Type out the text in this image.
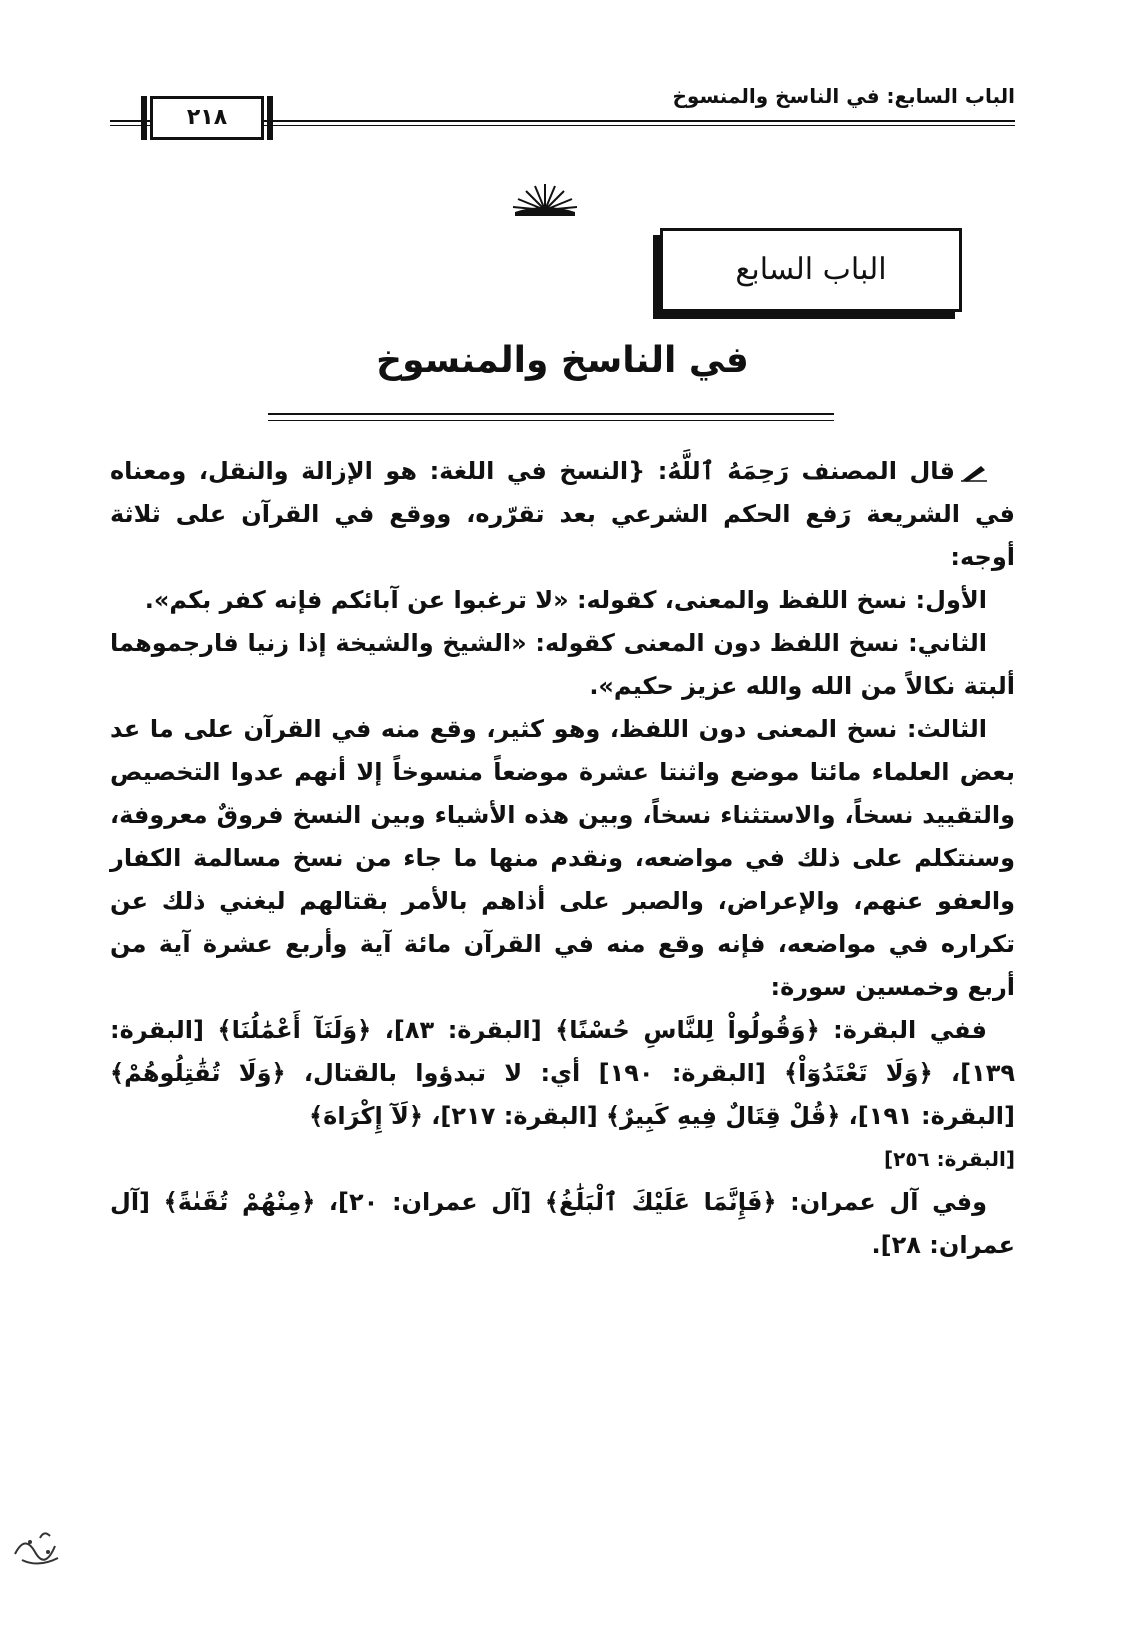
الباب السابع: في الناسخ والمنسوخ
٢١٨
الباب السابع
في الناسخ والمنسوخ

قال المصنف رَحِمَهُ ٱللَّهُ: {النسخ في اللغة: هو الإزالة والنقل، ومعناه في الشريعة رَفع الحكم الشرعي بعد تقرّره، ووقع في القرآن على ثلاثة أوجه:

الأول: نسخ اللفظ والمعنى، كقوله: «لا ترغبوا عن آبائكم فإنه كفر بكم».

الثاني: نسخ اللفظ دون المعنى كقوله: «الشيخ والشيخة إذا زنيا فارجموهما ألبتة نكالاً من الله والله عزيز حكيم».

الثالث: نسخ المعنى دون اللفظ، وهو كثير، وقع منه في القرآن على ما عد بعض العلماء مائتا موضع واثنتا عشرة موضعاً منسوخاً إلا أنهم عدوا التخصيص والتقييد نسخاً، والاستثناء نسخاً، وبين هذه الأشياء وبين النسخ فروقٌ معروفة، وسنتكلم على ذلك في مواضعه، ونقدم منها ما جاء من نسخ مسالمة الكفار والعفو عنهم، والإعراض، والصبر على أذاهم بالأمر بقتالهم ليغني ذلك عن تكراره في مواضعه، فإنه وقع منه في القرآن مائة آية وأربع عشرة آية من أربع وخمسين سورة:

ففي البقرة: ﴿وَقُولُواْ لِلنَّاسِ حُسْنًا﴾ [البقرة: ٨٣]، ﴿وَلَنَآ أَعْمَٰلُنَا﴾ [البقرة: ١٣٩]، ﴿وَلَا تَعْتَدُوٓاْ﴾ [البقرة: ١٩٠] أي: لا تبدؤوا بالقتال، ﴿وَلَا تُقَٰتِلُوهُمْ﴾ [البقرة: ١٩١]، ﴿قُلْ قِتَالٌ فِيهِ كَبِيرٌ﴾ [البقرة: ٢١٧]، ﴿لَآ إِكْرَاهَ﴾

[البقرة: ٢٥٦]

وفي آل عمران: ﴿فَإِنَّمَا عَلَيْكَ ٱلْبَلَٰغُ﴾ [آل عمران: ٢٠]، ﴿مِنْهُمْ تُقَىٰةً﴾ [آل عمران: ٢٨].
